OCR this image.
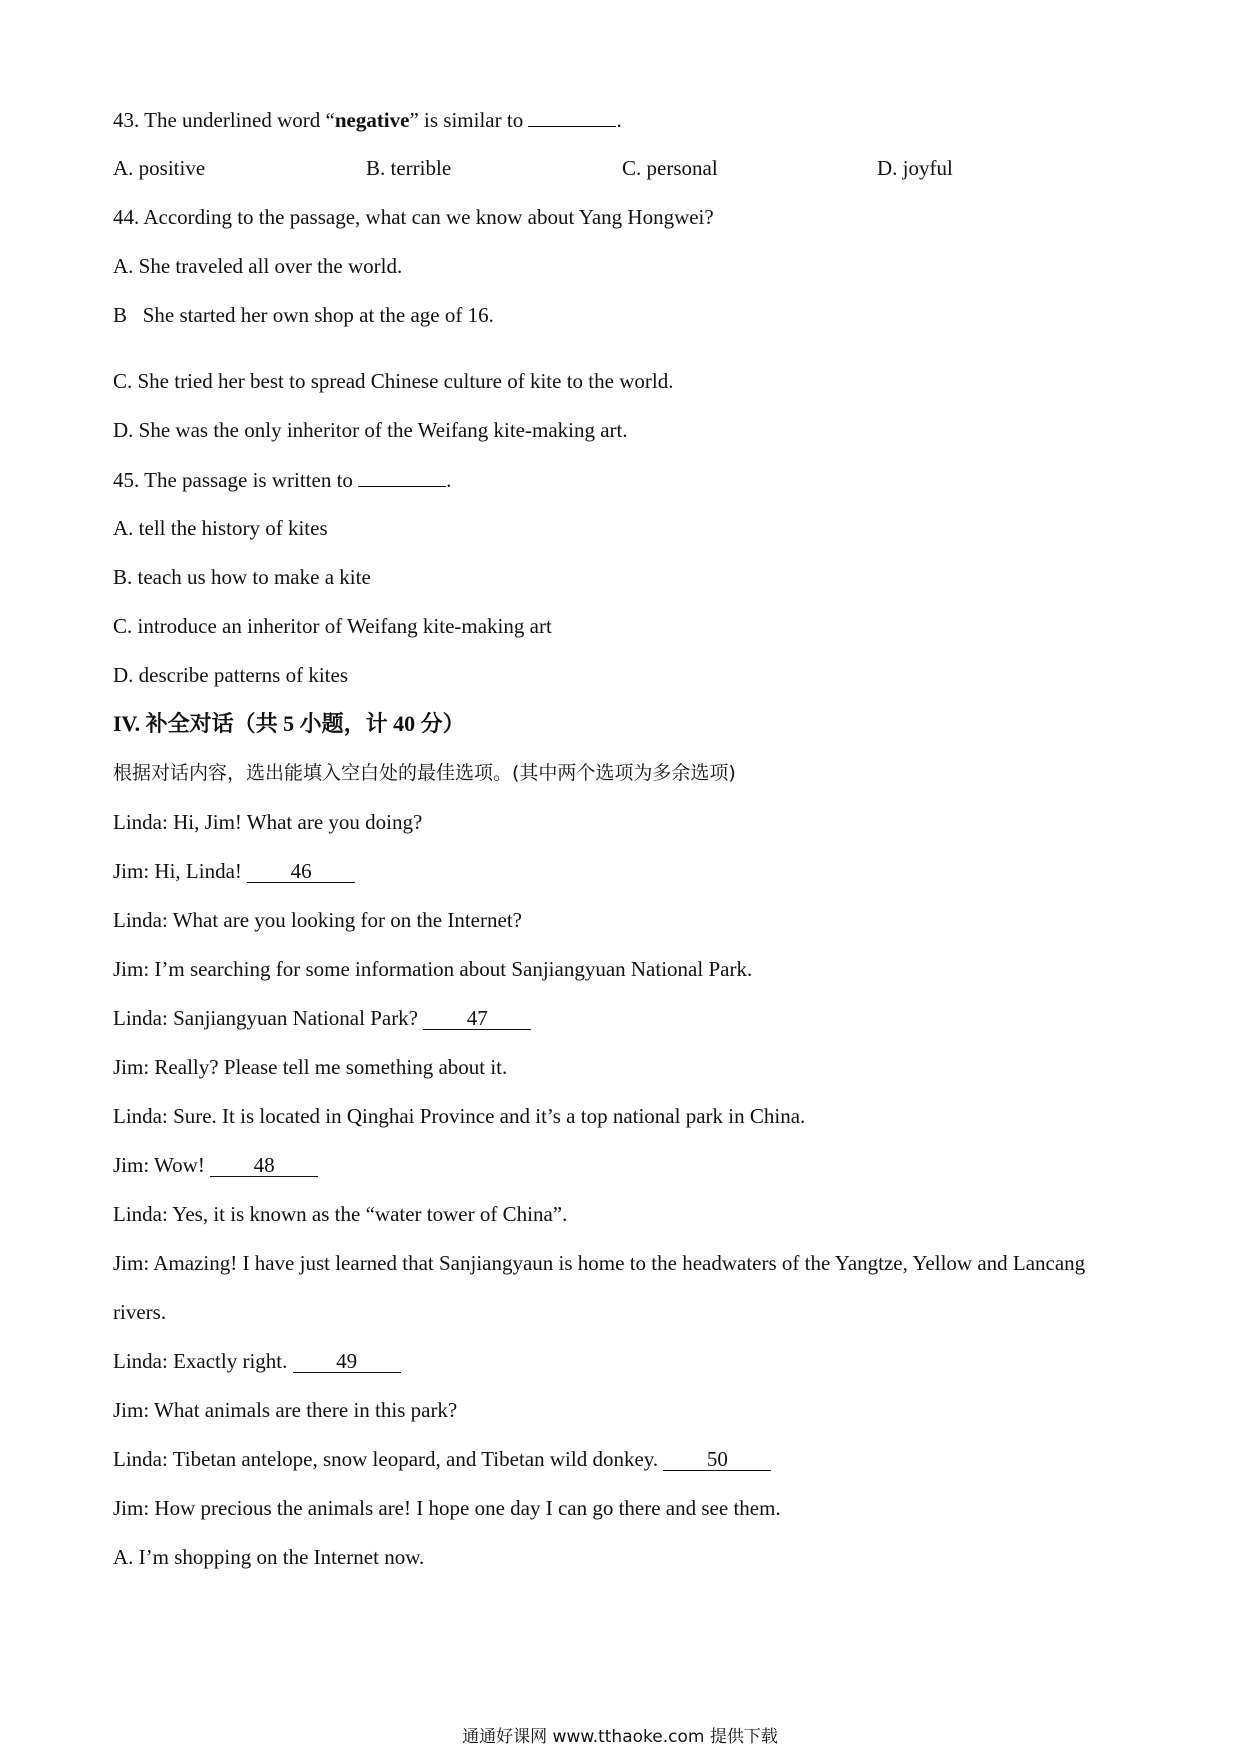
43. The underlined word “negative” is similar to	.
A. positive	B. terrible	C. personal	D. joyful
44. According to the passage, what can we know about Yang Hongwei?
A. She traveled all over the world.
B   She started her own shop at the age of 16.
C. She tried her best to spread Chinese culture of kite to the world.
D. She was the only inheritor of the Weifang kite-making art.
45. The passage is written to	.
A. tell the history of kites
B. teach us how to make a kite
C. introduce an inheritor of Weifang kite-making art
D. describe patterns of kites
IV. 补全对话（共 5 小题，计 40 分）
根据对话内容，选出能填入空白处的最佳选项。(其中两个选项为多余选项)
Linda: Hi, Jim! What are you doing?
Jim: Hi, Linda! 46
Linda: What are you looking for on the Internet?
Jim: I’m searching for some information about Sanjiangyuan National Park.
Linda: Sanjiangyuan National Park? 47
Jim: Really? Please tell me something about it.
Linda: Sure. It is located in Qinghai Province and it’s a top national park in China.
Jim: Wow! 48
Linda: Yes, it is known as the “water tower of China”.
Jim: Amazing! I have just learned that Sanjiangyaun is home to the headwaters of the Yangtze, Yellow and Lancang
rivers.
Linda: Exactly right. 49
Jim: What animals are there in this park?
Linda: Tibetan antelope, snow leopard, and Tibetan wild donkey. 50
Jim: How precious the animals are! I hope one day I can go there and see them.
A. I’m shopping on the Internet now.
通通好课网 www.tthaoke.com 提供下载
